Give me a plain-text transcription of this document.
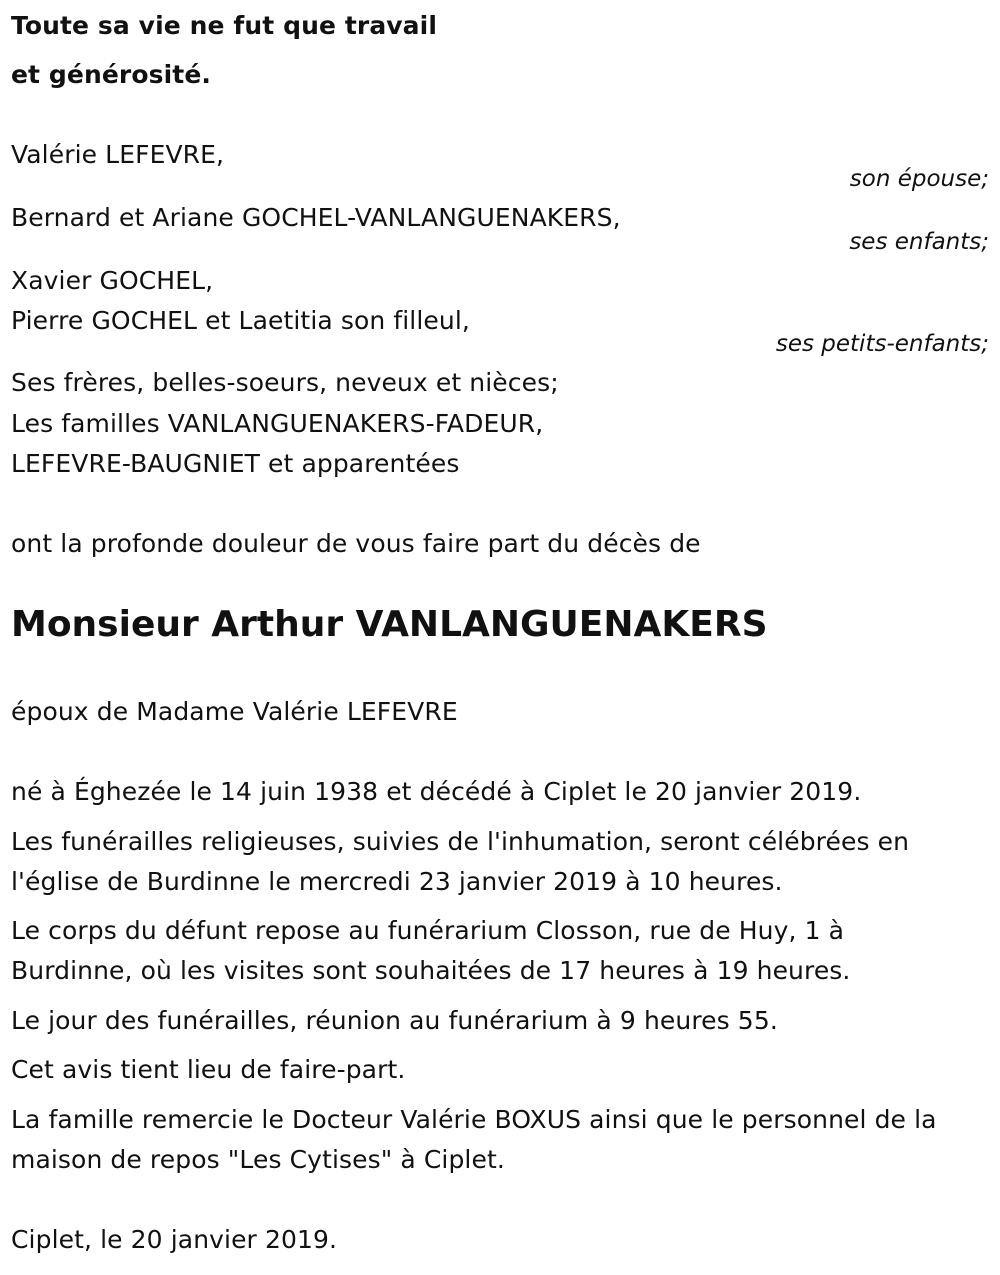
Toute sa vie ne fut que travail

et générosité.

Valérie LEFEVRE,

son épouse;

Bernard et Ariane GOCHEL-VANLANGUENAKERS,

ses enfants;

Xavier GOCHEL,

Pierre GOCHEL et Laetitia son filleul,

ses petits-enfants;

Ses frères, belles-soeurs, neveux et nièces;

Les familles VANLANGUENAKERS-FADEUR,

LEFEVRE-BAUGNIET et apparentées

ont la profonde douleur de vous faire part du décès de

Monsieur Arthur VANLANGUENAKERS

époux de Madame Valérie LEFEVRE

né à Éghezée le 14 juin 1938 et décédé à Ciplet le 20 janvier 2019.

Les funérailles religieuses, suivies de l'inhumation, seront célébrées en

l'église de Burdinne le mercredi 23 janvier 2019 à 10 heures.

Le corps du défunt repose au funérarium Closson, rue de Huy, 1 à

Burdinne, où les visites sont souhaitées de 17 heures à 19 heures.

Le jour des funérailles, réunion au funérarium à 9 heures 55.

Cet avis tient lieu de faire-part.

La famille remercie le Docteur Valérie BOXUS ainsi que le personnel de la

maison de repos "Les Cytises" à Ciplet.

Ciplet, le 20 janvier 2019.
